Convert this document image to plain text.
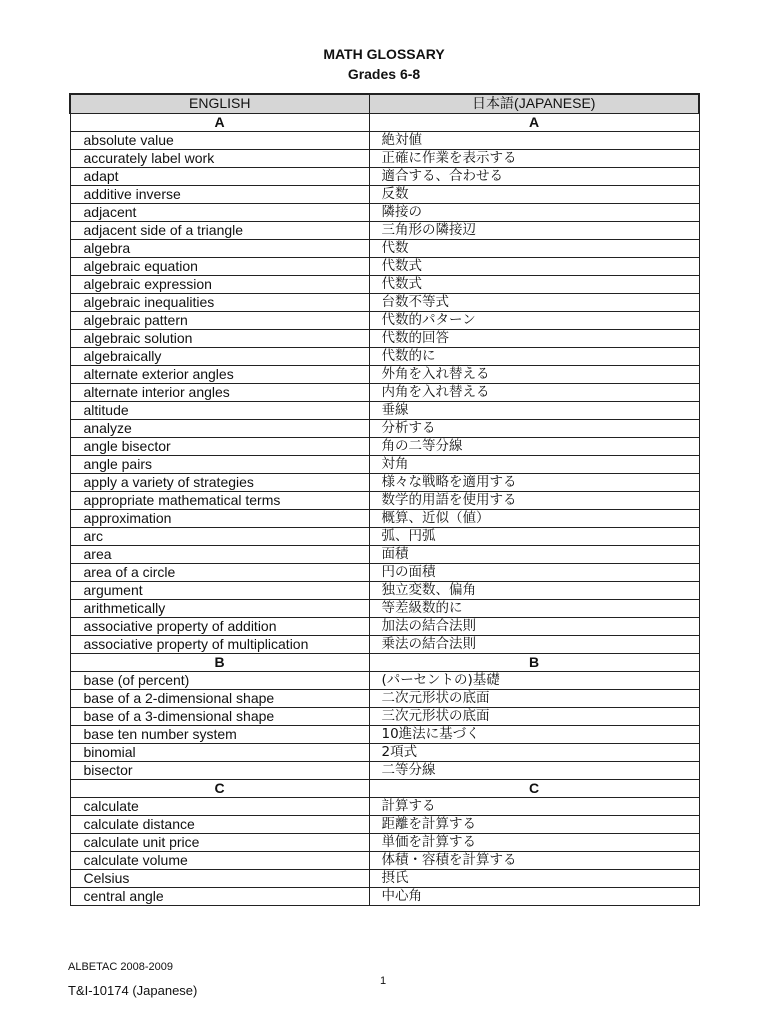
MATH GLOSSARY
Grades 6-8
ENGLISH	日本語(JAPANESE)
A	A
absolute value	絶対値
accurately label work	正確に作業を表示する
adapt	適合する、合わせる
additive inverse	反数
adjacent	隣接の
adjacent side of a triangle	三角形の隣接辺
algebra	代数
algebraic equation	代数式
algebraic expression	代数式
algebraic inequalities	台数不等式
algebraic pattern	代数的パターン
algebraic solution	代数的回答
algebraically	代数的に
alternate exterior angles	外角を入れ替える
alternate interior angles	内角を入れ替える
altitude	垂線
analyze	分析する
angle bisector	角の二等分線
angle pairs	対角
apply a variety of strategies	様々な戦略を適用する
appropriate mathematical terms	数学的用語を使用する
approximation	概算、近似（値）
arc	弧、円弧
area	面積
area of a circle	円の面積
argument	独立変数、偏角
arithmetically	等差級数的に
associative property of addition	加法の結合法則
associative property of multiplication	乗法の結合法則
B	B
base (of percent)	(パーセントの)基礎
base of a 2-dimensional shape	二次元形状の底面
base of a 3-dimensional shape	三次元形状の底面
base ten number system	10進法に基づく
binomial	2項式
bisector	二等分線
C	C
calculate	計算する
calculate distance	距離を計算する
calculate unit price	単価を計算する
calculate volume	体積・容積を計算する
Celsius	摂氏
central angle	中心角
ALBETAC 2008-2009
1
T&I-10174 (Japanese)
